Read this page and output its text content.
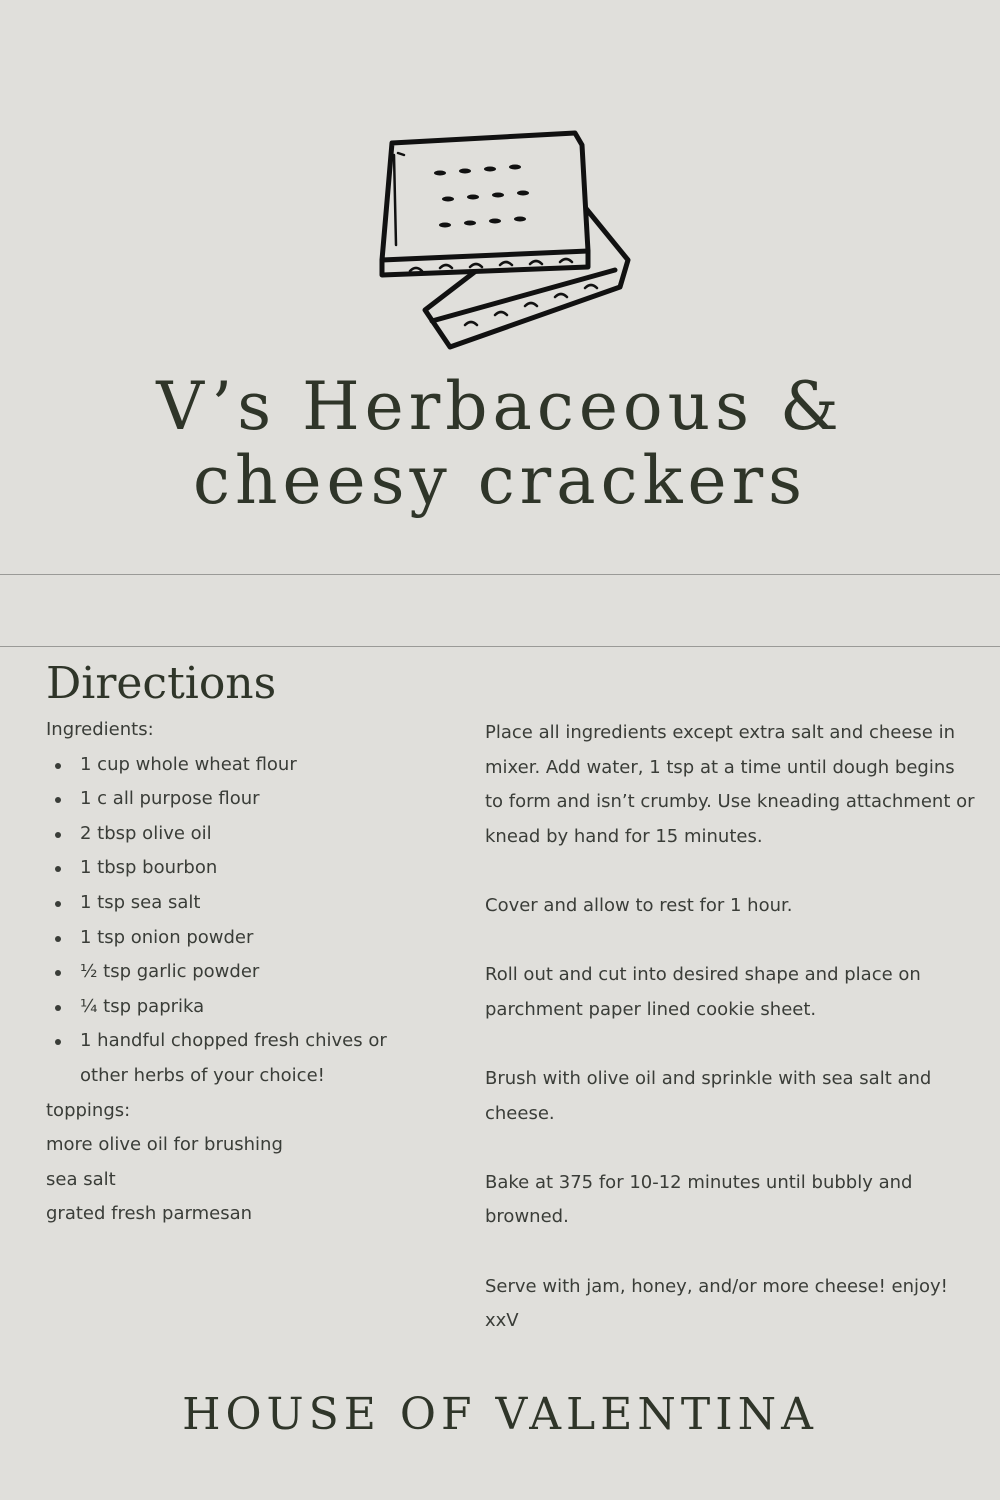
V’s Herbaceous &
cheesy crackers
Directions

Ingredients:

1 cup whole wheat flour
1 c all purpose flour
2 tbsp olive oil
1 tbsp bourbon
1 tsp sea salt
1 tsp onion powder
½ tsp garlic powder
¼ tsp paprika
1 handful chopped fresh chives or other herbs of your choice!

toppings:

more olive oil for brushing

sea salt

grated fresh parmesan

Place all ingredients except extra salt and cheese in mixer. Add water, 1 tsp at a time until dough begins to form and isn’t crumby. Use kneading attachment or knead by hand for 15 minutes.

Cover and allow to rest for 1 hour.

Roll out and cut into desired shape and place on parchment paper lined cookie sheet.

Brush with olive oil and sprinkle with sea salt and cheese.

Bake at 375 for 10-12 minutes until bubbly and browned.

Serve with jam, honey, and/or more cheese! enjoy!

xxV

HOUSE OF VALENTINA
